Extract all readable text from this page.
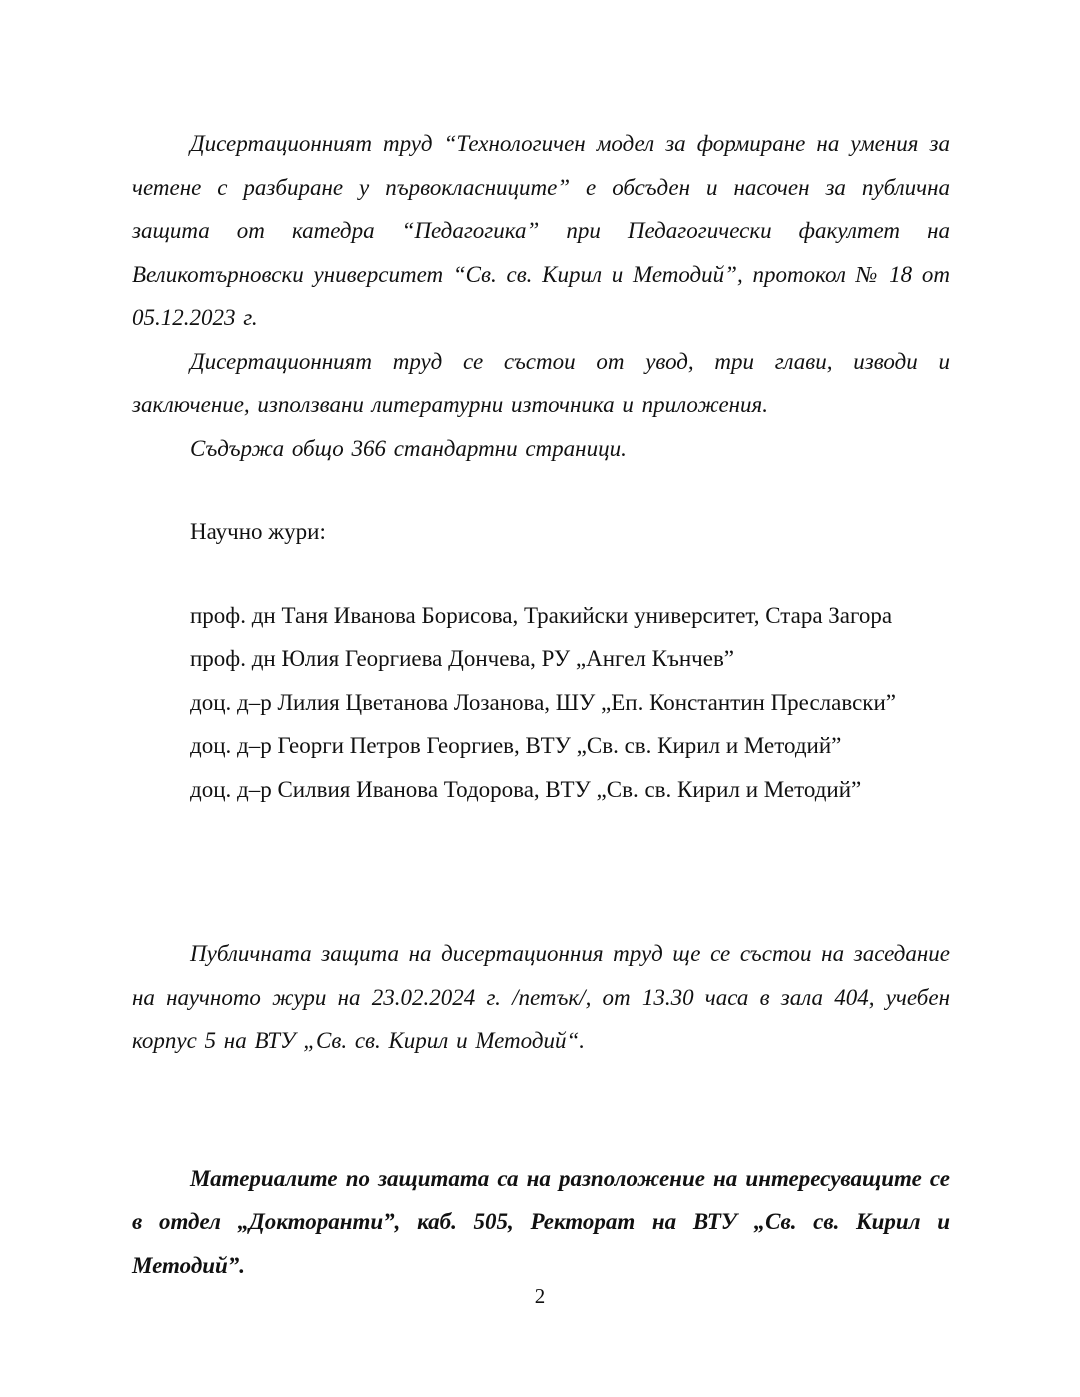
Дисертационният труд “Технологичен модел за формиране на умения за четене с разбиране у първокласниците” е обсъден и насочен за публична защита от катедра “Педагогика” при Педагогически факултет на Великотърновски университет “Св. св. Кирил и Методий”, протокол № 18 от 05.12.2023 г.

Дисертационният труд се състои от увод, три глави, изводи и заключение, използвани литературни източника и приложения.

Съдържа общо 366 стандартни страници.

Научно жури:
проф. дн Таня Иванова Борисова, Тракийски университет, Стара Загора
проф. дн Юлия Георгиева Дончева, РУ „Ангел Кънчев”
доц. д–р Лилия Цветанова Лозанова, ШУ „Еп. Константин Преславски”
доц. д–р Георги Петров Георгиев, ВТУ „Св. св. Кирил и Методий”
доц. д–р Силвия Иванова Тодорова, ВТУ „Св. св. Кирил и Методий”

Публичната защита на дисертационния труд ще се състои на заседание на научното жури на 23.02.2024 г. /петък/, от 13.30 часа в зала 404, учебен корпус 5 на ВТУ „Св. св. Кирил и Методий“.

Материалите по защитата са на разположение на интересуващите се в отдел „Докторанти”, каб. 505, Ректорат на ВТУ „Св. св. Кирил и Методий”.

2
